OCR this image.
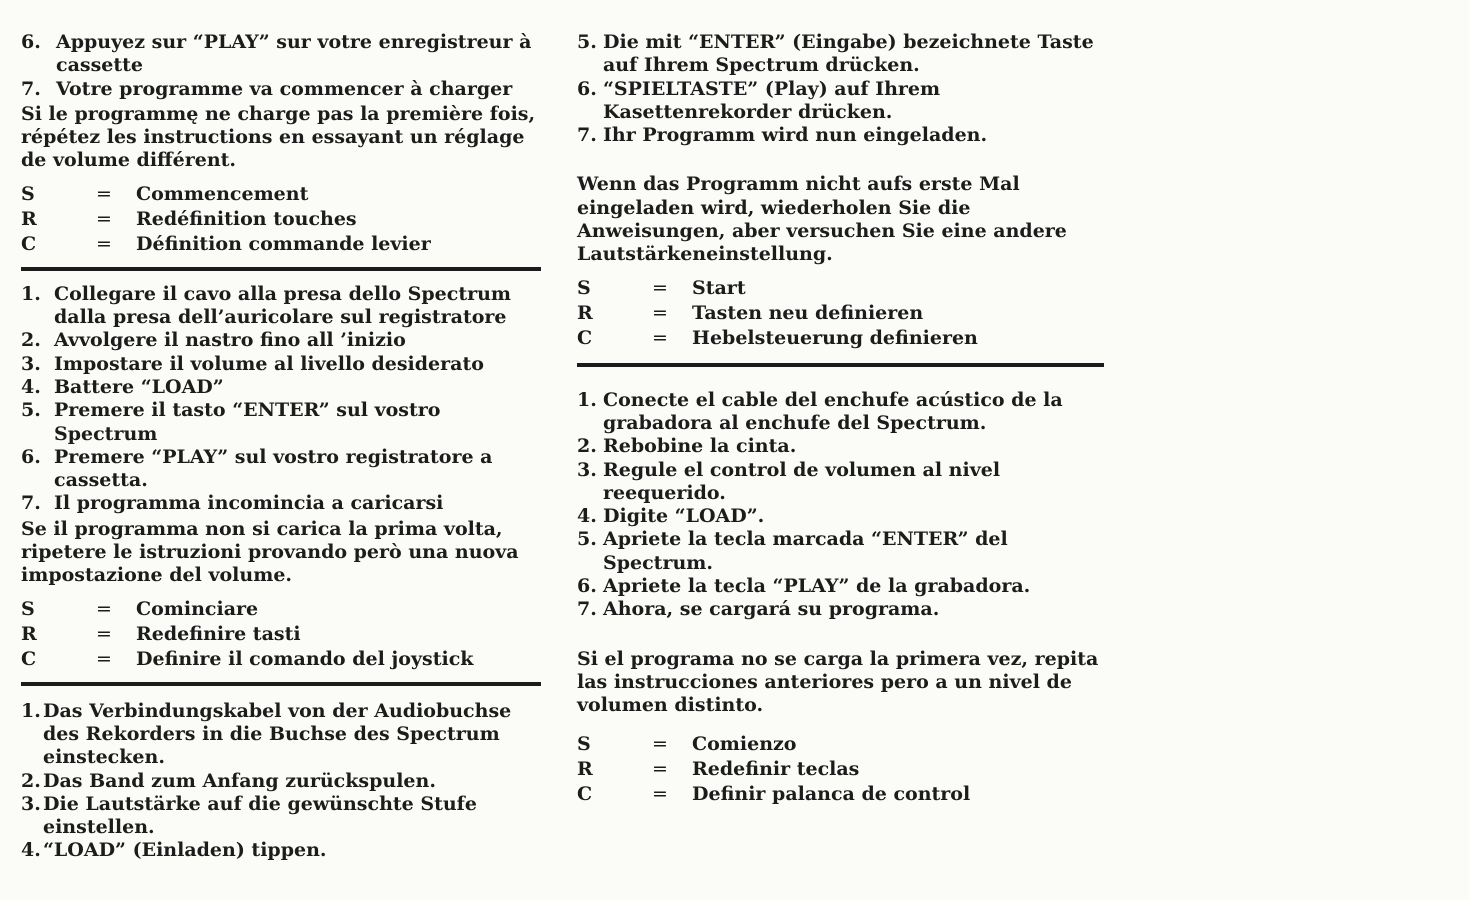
6. Appuyez sur “PLAY” sur votre enregistreur à cassette
7. Votre programme va commencer à charger
Si le programmę ne charge pas la première fois, répétez les instructions en essayant un réglage de volume différent.
S	=	Commencement
R	=	Redéfinition touches
C	=	Définition commande levier
1. Collegare il cavo alla presa dello Spectrum dalla presa dell’auricolare sul registratore
2. Avvolgere il nastro fino all ’inizio
3. Impostare il volume al livello desiderato
4. Battere “LOAD”
5. Premere il tasto “ENTER” sul vostro Spectrum
6. Premere “PLAY” sul vostro registratore a cassetta.
7. Il programma incomincia a caricarsi
Se il programma non si carica la prima volta, ripetere le istruzioni provando però una nuova impostazione del volume.
S	=	Cominciare
R	=	Redefinire tasti
C	=	Definire il comando del joystick
1. Das Verbindungskabel von der Audiobuchse des Rekorders in die Buchse des Spectrum einstecken.
2. Das Band zum Anfang zurückspulen.
3. Die Lautstärke auf die gewünschte Stufe einstellen.
4. “LOAD” (Einladen) tippen.
5. Die mit “ENTER” (Eingabe) bezeichnete Taste auf Ihrem Spectrum drücken.
6. “SPIELTASTE” (Play) auf Ihrem Kasettenrekorder drücken.
7. Ihr Programm wird nun eingeladen.
Wenn das Programm nicht aufs erste Mal eingeladen wird, wiederholen Sie die Anweisungen, aber versuchen Sie eine andere Lautstärkeneinstellung.
S	=	Start
R	=	Tasten neu definieren
C	=	Hebelsteuerung definieren
1. Conecte el cable del enchufe acústico de la grabadora al enchufe del Spectrum.
2. Rebobine la cinta.
3. Regule el control de volumen al nivel reequerido.
4. Digite “LOAD”.
5. Apriete la tecla marcada “ENTER” del Spectrum.
6. Apriete la tecla “PLAY” de la grabadora.
7. Ahora, se cargará su programa.
Si el programa no se carga la primera vez, repita las instrucciones anteriores pero a un nivel de volumen distinto.
S	=	Comienzo
R	=	Redefinir teclas
C	=	Definir palanca de control
